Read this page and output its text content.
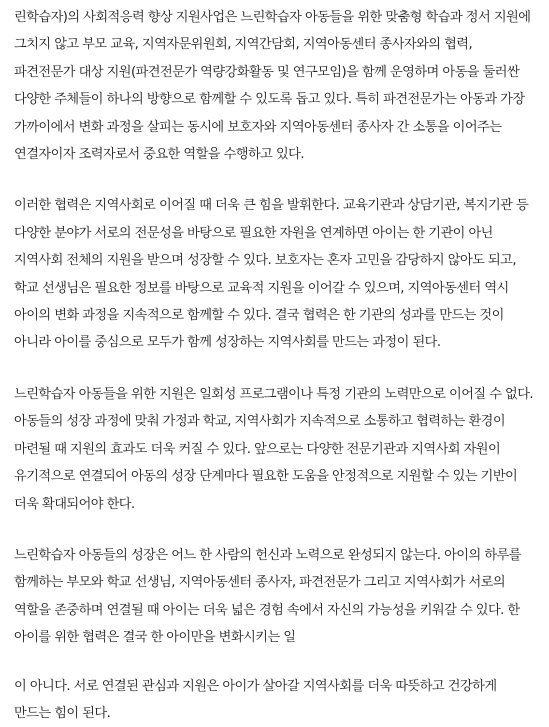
린학습자)의 사회적응력 향상 지원사업은 느린학습자 아동들을 위한 맞춤형 학습과 정서 지원에 그치지 않고 부모 교육, 지역자문위원회, 지역간담회, 지역아동센터 종사자와의 협력, 파견전문가 대상 지원(파견전문가 역량강화활동 및 연구모임)을 함께 운영하며 아동을 둘러싼 다양한 주체들이 하나의 방향으로 함께할 수 있도록 돕고 있다. 특히 파견전문가는 아동과 가장 가까이에서 변화 과정을 살피는 동시에 보호자와 지역아동센터 종사자 간 소통을 이어주는 연결자이자 조력자로서 중요한 역할을 수행하고 있다.

이러한 협력은 지역사회로 이어질 때 더욱 큰 힘을 발휘한다. 교육기관과 상담기관, 복지기관 등 다양한 분야가 서로의 전문성을 바탕으로 필요한 자원을 연계하면 아이는 한 기관이 아닌 지역사회 전체의 지원을 받으며 성장할 수 있다. 보호자는 혼자 고민을 감당하지 않아도 되고, 학교 선생님은 필요한 정보를 바탕으로 교육적 지원을 이어갈 수 있으며, 지역아동센터 역시 아이의 변화 과정을 지속적으로 함께할 수 있다. 결국 협력은 한 기관의 성과를 만드는 것이 아니라 아이를 중심으로 모두가 함께 성장하는 지역사회를 만드는 과정이 된다.

느린학습자 아동들을 위한 지원은 일회성 프로그램이나 특정 기관의 노력만으로 이어질 수 없다. 아동들의 성장 과정에 맞춰 가정과 학교, 지역사회가 지속적으로 소통하고 협력하는 환경이 마련될 때 지원의 효과도 더욱 커질 수 있다. 앞으로는 다양한 전문기관과 지역사회 자원이 유기적으로 연결되어 아동의 성장 단계마다 필요한 도움을 안정적으로 지원할 수 있는 기반이 더욱 확대되어야 한다.

느린학습자 아동들의 성장은 어느 한 사람의 헌신과 노력으로 완성되지 않는다. 아이의 하루를 함께하는 부모와 학교 선생님, 지역아동센터 종사자, 파견전문가 그리고 지역사회가 서로의 역할을 존중하며 연결될 때 아이는 더욱 넓은 경험 속에서 자신의 가능성을 키워갈 수 있다. 한 아이를 위한 협력은 결국 한 아이만을 변화시키는 일

이 아니다. 서로 연결된 관심과 지원은 아이가 살아갈 지역사회를 더욱 따뜻하고 건강하게 만드는 힘이 된다.
